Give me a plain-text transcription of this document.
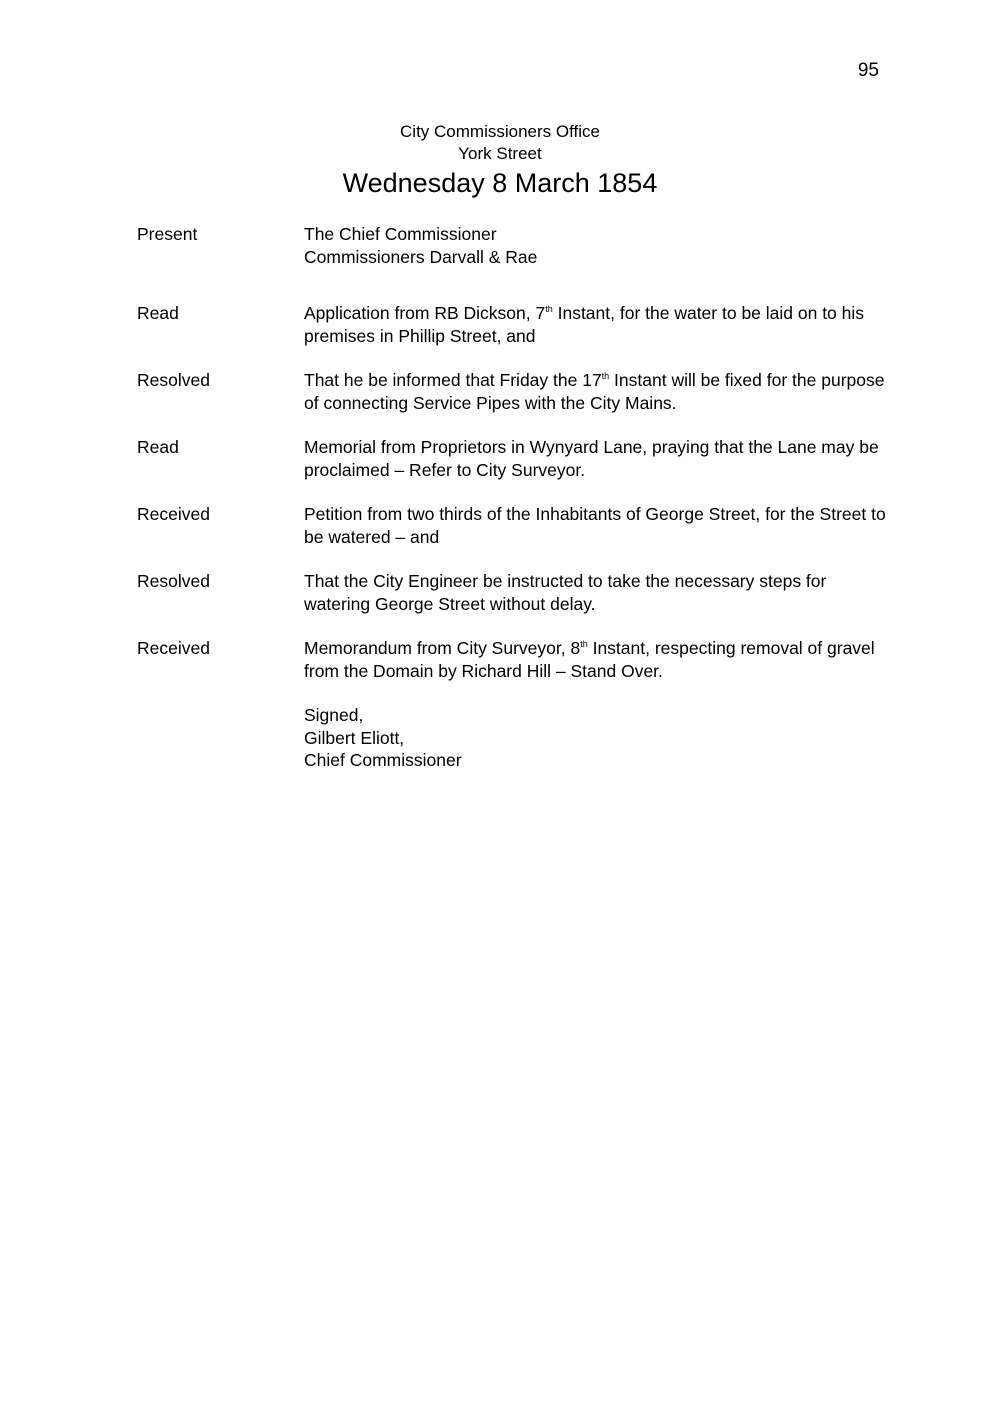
95
City Commissioners Office
York Street
Wednesday 8 March 1854
Present	The Chief Commissioner
Commissioners Darvall & Rae
Read	Application from RB Dickson, 7th Instant, for the water to be laid on to his
premises in Phillip Street, and
Resolved	That he be informed that Friday the 17th Instant will be fixed for the purpose
of connecting Service Pipes with the City Mains.
Read	Memorial from Proprietors in Wynyard Lane, praying that the Lane may be
proclaimed – Refer to City Surveyor.
Received	Petition from two thirds of the Inhabitants of George Street, for the Street to
be watered – and
Resolved	That the City Engineer be instructed to take the necessary steps for
watering George Street without delay.
Received	Memorandum from City Surveyor, 8th Instant, respecting removal of gravel
from the Domain by Richard Hill – Stand Over.
Signed,
Gilbert Eliott,
Chief Commissioner
